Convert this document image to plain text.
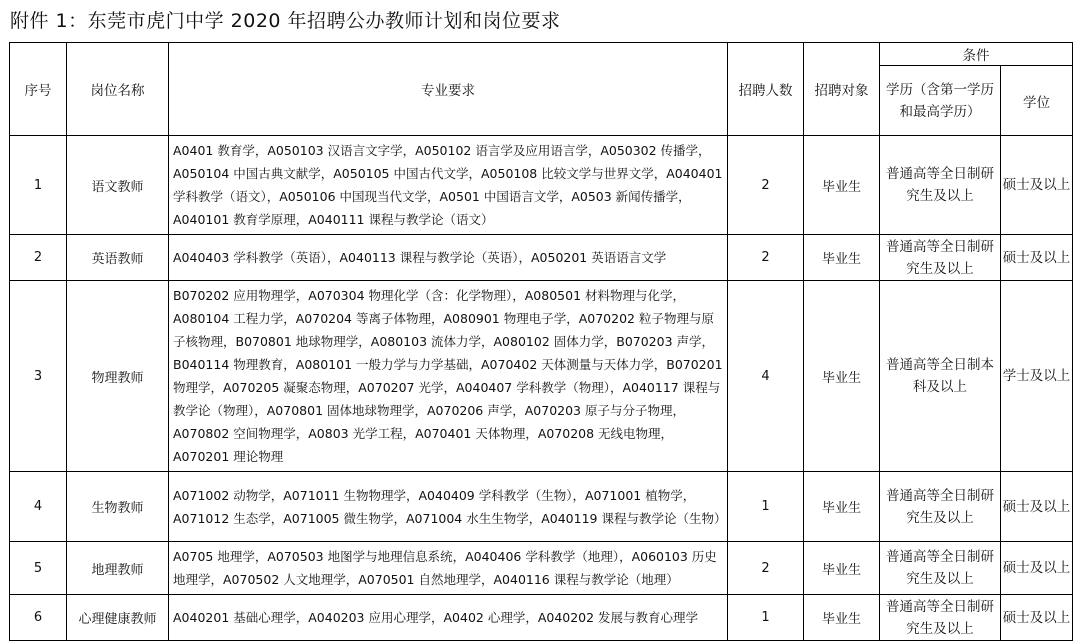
附件 1：东莞市虎门中学 2020 年招聘公办教师计划和岗位要求
序号	岗位名称	专业要求	招聘人数	招聘对象	条件	
					学历（含第一学历和最高学历）	学位
1	语文教师	A0401 教育学，A050103 汉语言文字学，A050102 语言学及应用语言学，A050302 传播学，A050104 中国古典文献学，A050105 中国古代文学，A050108 比较文学与世界文学，A040401 学科教学（语文），A050106 中国现当代文学，A0501 中国语言文学，A0503 新闻传播学，A040101 教育学原理，A040111 课程与教学论（语文）	2	毕业生	普通高等全日制研究生及以上	硕士及以上
2	英语教师	A040403 学科教学（英语），A040113 课程与教学论（英语），A050201 英语语言文学	2	毕业生	普通高等全日制研究生及以上	硕士及以上
3	物理教师	B070202 应用物理学，A070304 物理化学（含：化学物理），A080501 材料物理与化学，A080104 工程力学，A070204 等离子体物理，A080901 物理电子学，A070202 粒子物理与原子核物理，B070801 地球物理学，A080103 流体力学，A080102 固体力学，B070203 声学，B040114 物理教育，A080101 一般力学与力学基础，A070402 天体测量与天体力学，B070201 物理学，A070205 凝聚态物理，A070207 光学，A040407 学科教学（物理），A040117 课程与教学论（物理），A070801 固体地球物理学，A070206 声学，A070203 原子与分子物理，A070802 空间物理学，A0803 光学工程，A070401 天体物理，A070208 无线电物理，A070201 理论物理	4	毕业生	普通高等全日制本科及以上	学士及以上
4	生物教师	A071002 动物学，A071011 生物物理学，A040409 学科教学（生物），A071001 植物学，A071012 生态学，A071005 微生物学，A071004 水生生物学，A040119 课程与教学论（生物）	1	毕业生	普通高等全日制研究生及以上	硕士及以上
5	地理教师	A0705 地理学，A070503 地图学与地理信息系统，A040406 学科教学（地理），A060103 历史地理学，A070502 人文地理学，A070501 自然地理学，A040116 课程与教学论（地理）	2	毕业生	普通高等全日制研究生及以上	硕士及以上
6	心理健康教师	A040201 基础心理学，A040203 应用心理学，A0402 心理学，A040202 发展与教育心理学	1	毕业生	普通高等全日制研究生及以上	硕士及以上
